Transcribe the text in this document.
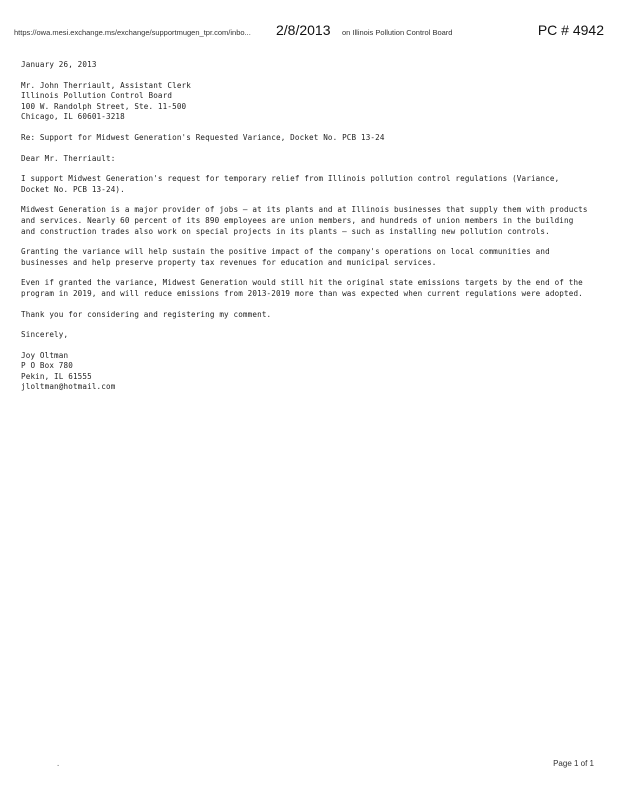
https://owa.mesi.exchange.ms/exchange/supportmugen_tpr.com/inbo... 2/8/2013 on Illinois Pollution Control Board	PC # 4942

January 26, 2013

Mr. John Therriault, Assistant Clerk

Illinois Pollution Control Board

100 W. Randolph Street, Ste. 11-500

Chicago, IL 60601-3218

Re: Support for Midwest Generation's Requested Variance, Docket No. PCB 13-24

Dear Mr. Therriault:

I support Midwest Generation's request for temporary relief from Illinois pollution control regulations (Variance, Docket No. PCB 13-24).

Midwest Generation is a major provider of jobs — at its plants and at Illinois businesses that supply them with products and services. Nearly 60 percent of its 890 employees are union members, and hundreds of union members in the building and construction trades also work on special projects in its plants — such as installing new pollution controls.

Granting the variance will help sustain the positive impact of the company's operations on local communities and businesses and help preserve property tax revenues for education and municipal services.

Even if granted the variance, Midwest Generation would still hit the original state emissions targets by the end of the program in 2019, and will reduce emissions from 2013-2019 more than was expected when current regulations were adopted.

Thank you for considering and registering my comment.

Sincerely,

Joy Oltman

P O Box 780

Pekin, IL 61555

jloltman@hotmail.com

.	Page 1 of 1
